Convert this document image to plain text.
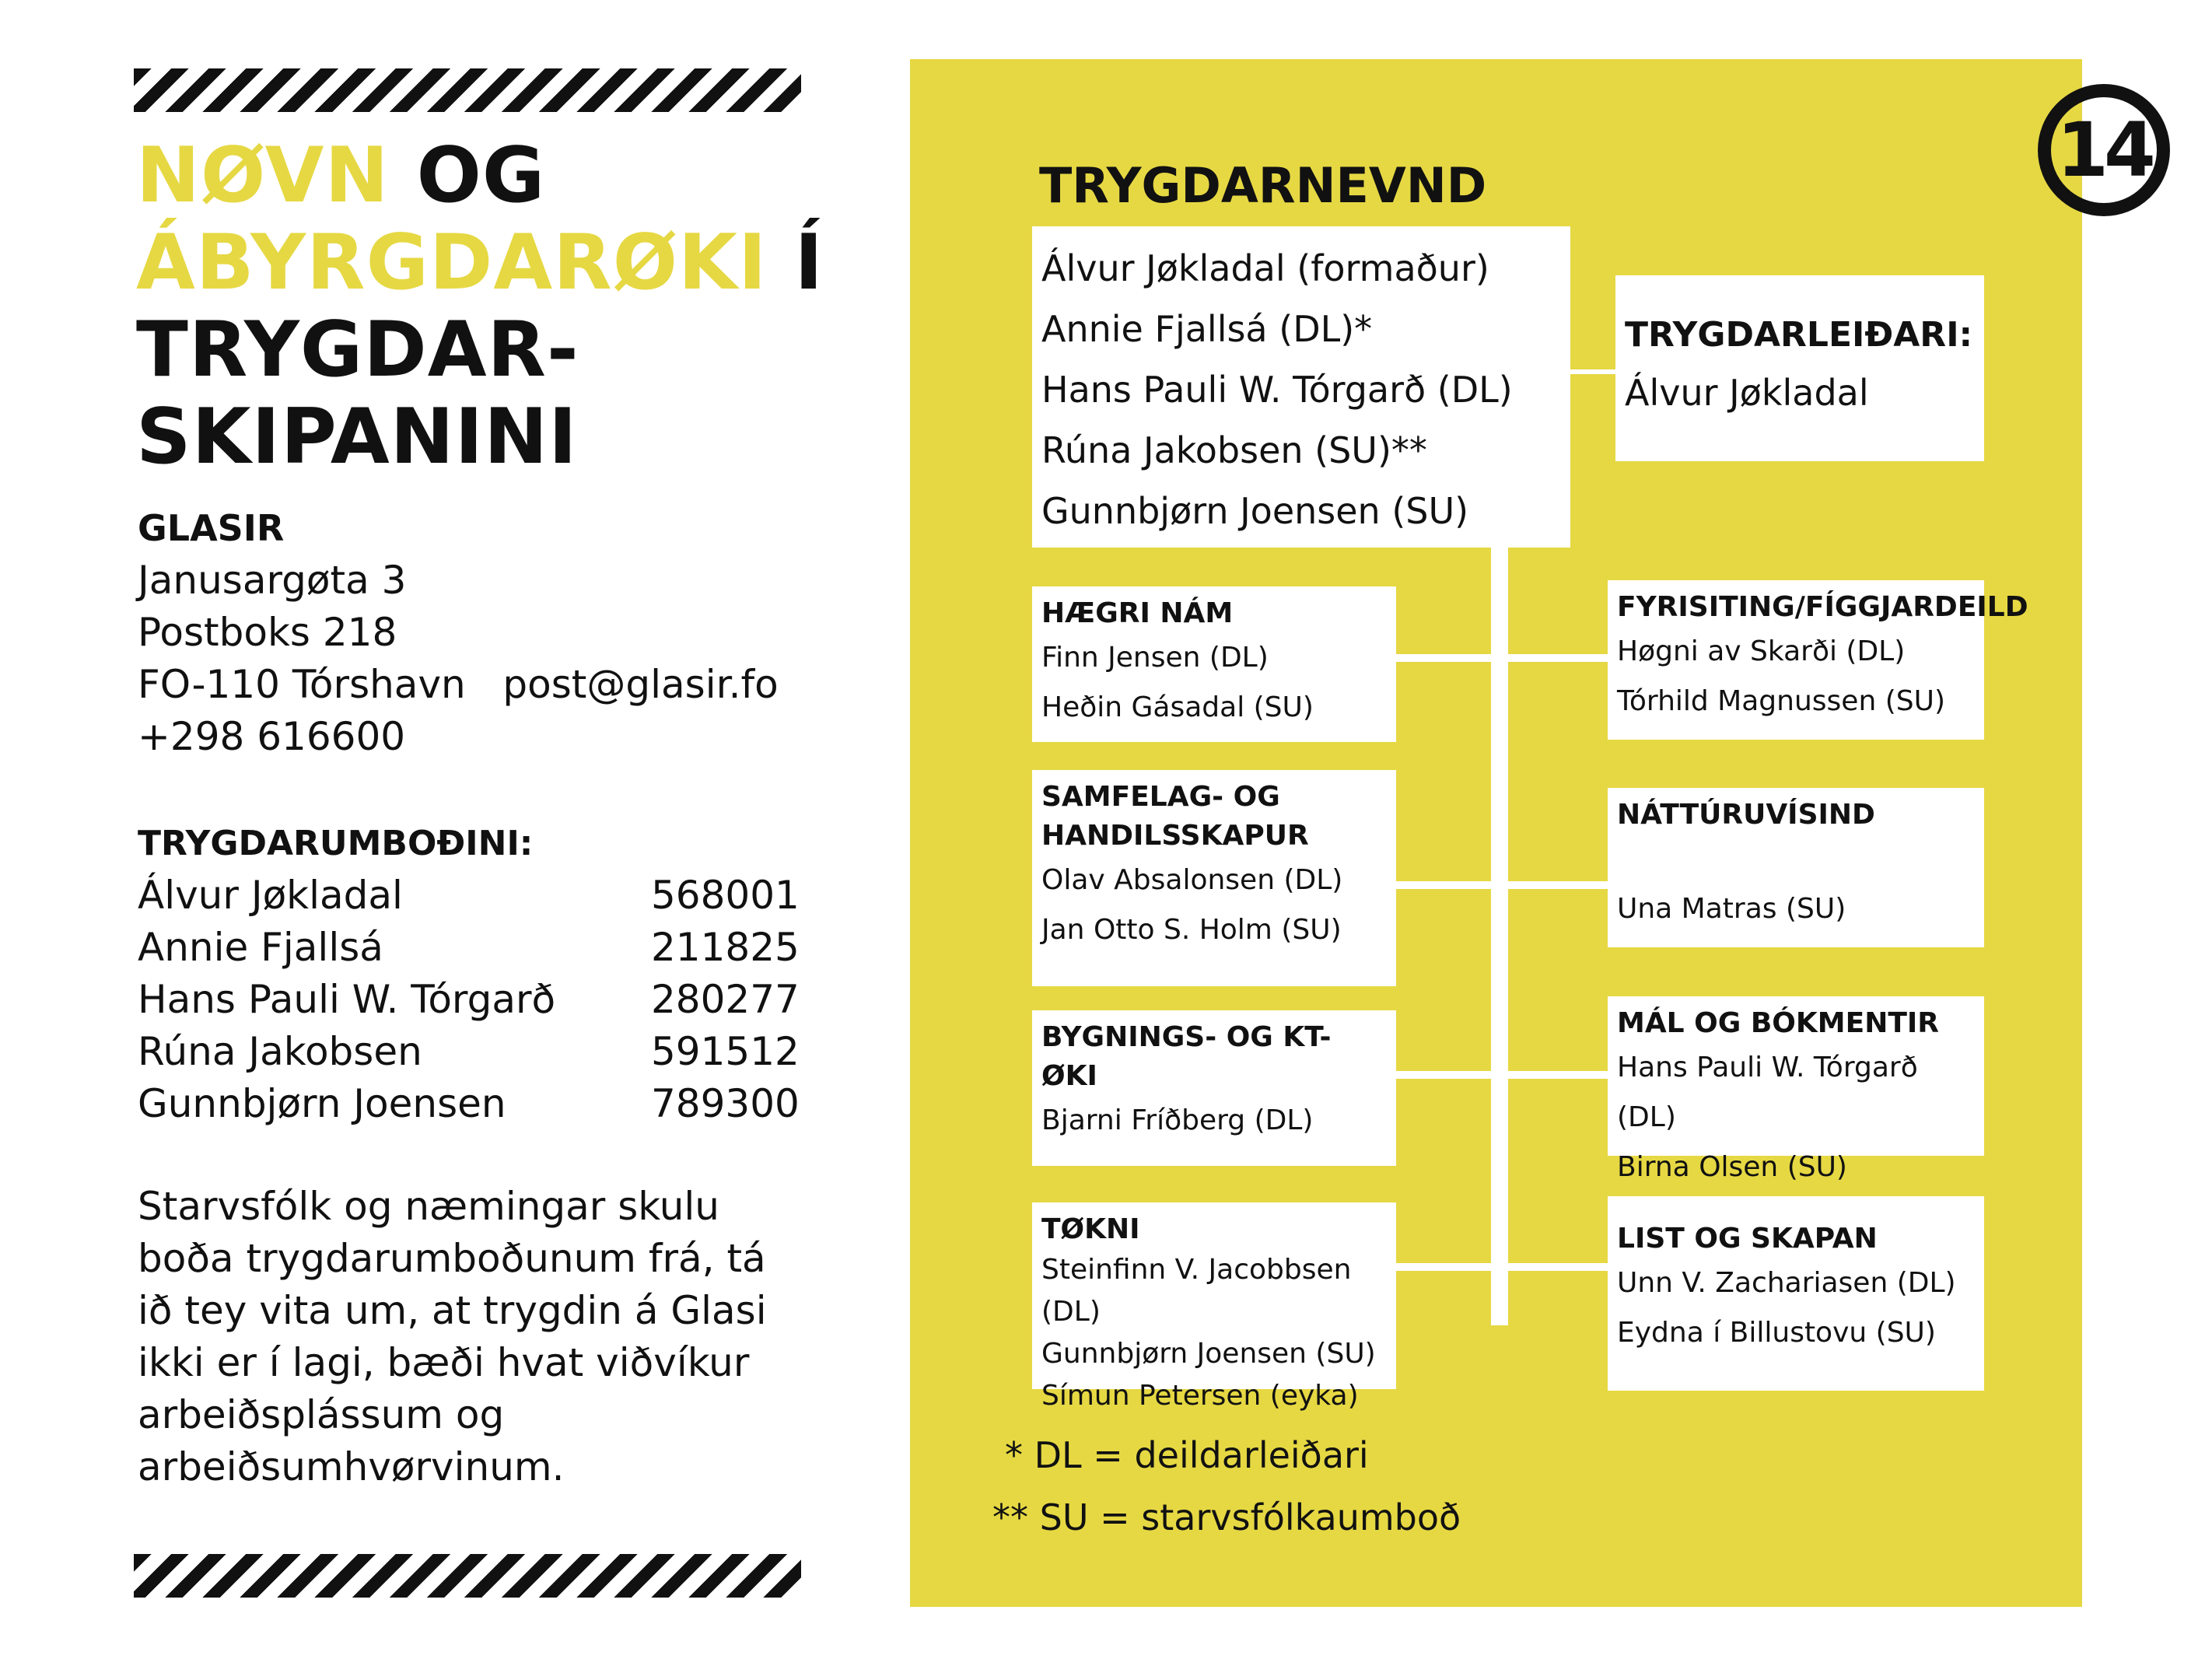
NØVN OG
ÁBYRGDARØKI Í
TRYGDAR-
SKIPANINI
GLASIR
Janusargøta 3
Postboks 218
FO-110 Tórshavn post@glasir.fo
+298 616600
TRYGDARUMBOÐINI:
Álvur Jøkladal	568001
Annie Fjallsá	211825
Hans Pauli W. Tórgarð 280277
Rúna Jakobsen	591512
Gunnbjørn Joensen	789300

Starvsfólk og næmingar skulu boða trygdarumboðunum frá, tá ið tey vita um, at trygdin á Glasi ikki er í lagi, bæði hvat viðvíkur arbeiðsplássum og arbeiðsumhvørvinum.

14
TRYGDARNEVND
Álvur Jøkladal (formaður)
Annie Fjallsá (DL)*
Hans Pauli W. Tórgarð (DL)
Rúna Jakobsen (SU)**
Gunnbjørn Joensen (SU)
TRYGDARLEIÐARI:
Álvur Jøkladal
HÆGRI NÁM
Finn Jensen (DL)
Heðin Gásadal (SU)
SAMFELAG- OG HANDILSSKAPUR
Olav Absalonsen (DL)
Jan Otto S. Holm (SU)
BYGNINGS- OG KT-ØKI
Bjarni Fríðberg (DL)
TØKNI
Steinfinn V. Jacobbsen (DL)
Gunnbjørn Joensen (SU)
Símun Petersen (eyka)
FYRISITING/FÍGGJARDEILD
Høgni av Skarði (DL)
Tórhild Magnussen (SU)
NÁTTÚRUVÍSIND
Una Matras (SU)
MÁL OG BÓKMENTIR
Hans Pauli W. Tórgarð (DL)
Birna Olsen (SU)
LIST OG SKAPAN
Unn V. Zachariasen (DL)
Eydna í Billustovu (SU)
* DL = deildarleiðari
** SU = starvsfólkaumboð
